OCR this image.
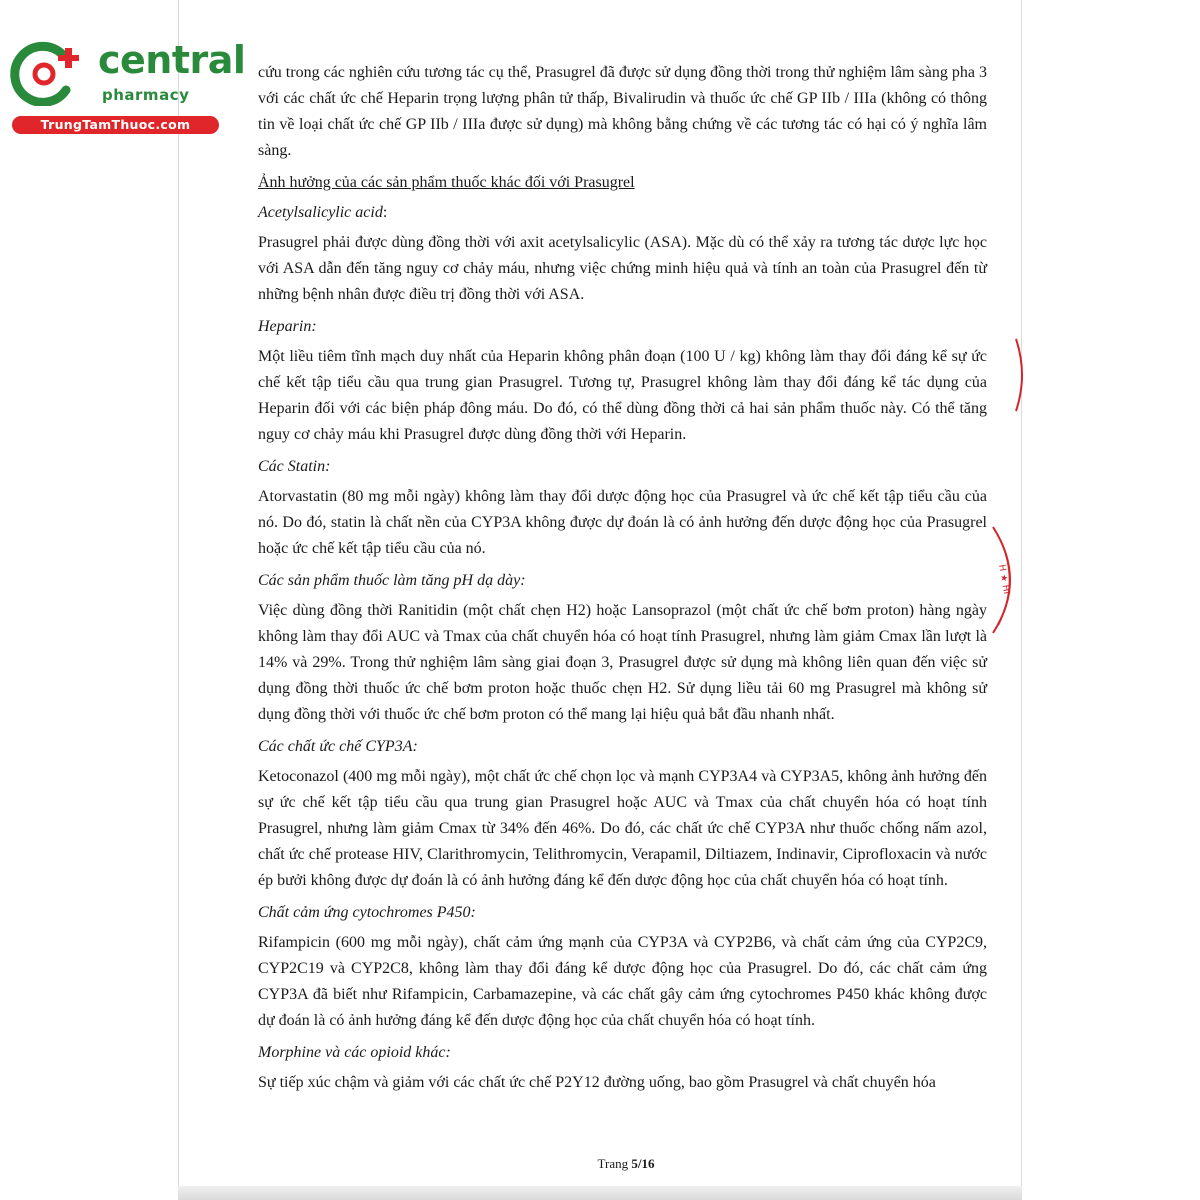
central
pharmacy
TrungTamThuoc.com

cứu trong các nghiên cứu tương tác cụ thể, Prasugrel đã được sử dụng đồng thời trong thử nghiệm lâm sàng pha 3 với các chất ức chế Heparin trọng lượng phân tử thấp, Bivalirudin và thuốc ức chế GP IIb / IIIa (không có thông tin về loại chất ức chế GP IIb / IIIa được sử dụng) mà không bằng chứng về các tương tác có hại có ý nghĩa lâm sàng.

Ảnh hưởng của các sản phẩm thuốc khác đối với Prasugrel

Acetylsalicylic acid:

Prasugrel phải được dùng đồng thời với axit acetylsalicylic (ASA). Mặc dù có thể xảy ra tương tác dược lực học với ASA dẫn đến tăng nguy cơ chảy máu, nhưng việc chứng minh hiệu quả và tính an toàn của Prasugrel đến từ những bệnh nhân được điều trị đồng thời với ASA.

Heparin:

Một liều tiêm tĩnh mạch duy nhất của Heparin không phân đoạn (100 U / kg) không làm thay đổi đáng kể sự ức chế kết tập tiểu cầu qua trung gian Prasugrel. Tương tự, Prasugrel không làm thay đổi đáng kể tác dụng của Heparin đối với các biện pháp đông máu. Do đó, có thể dùng đồng thời cả hai sản phẩm thuốc này. Có thể tăng nguy cơ chảy máu khi Prasugrel được dùng đồng thời với Heparin.

Các Statin:

Atorvastatin (80 mg mỗi ngày) không làm thay đổi dược động học của Prasugrel và ức chế kết tập tiểu cầu của nó. Do đó, statin là chất nền của CYP3A không được dự đoán là có ảnh hưởng đến dược động học của Prasugrel hoặc ức chế kết tập tiểu cầu của nó.

Các sản phẩm thuốc làm tăng pH dạ dày:

Việc dùng đồng thời Ranitidin (một chất chẹn H2) hoặc Lansoprazol (một chất ức chế bơm proton) hàng ngày không làm thay đổi AUC và Tmax của chất chuyển hóa có hoạt tính Prasugrel, nhưng làm giảm Cmax lần lượt là 14% và 29%. Trong thử nghiệm lâm sàng giai đoạn 3, Prasugrel được sử dụng mà không liên quan đến việc sử dụng đồng thời thuốc ức chế bơm proton hoặc thuốc chẹn H2. Sử dụng liều tải 60 mg Prasugrel mà không sử dụng đồng thời với thuốc ức chế bơm proton có thể mang lại hiệu quả bắt đầu nhanh nhất.

Các chất ức chế CYP3A:

Ketoconazol (400 mg mỗi ngày), một chất ức chế chọn lọc và mạnh CYP3A4 và CYP3A5, không ảnh hưởng đến sự ức chế kết tập tiểu cầu qua trung gian Prasugrel hoặc AUC và Tmax của chất chuyển hóa có hoạt tính Prasugrel, nhưng làm giảm Cmax từ 34% đến 46%. Do đó, các chất ức chế CYP3A như thuốc chống nấm azol, chất ức chế protease HIV, Clarithromycin, Telithromycin, Verapamil, Diltiazem, Indinavir, Ciprofloxacin và nước ép bưởi không được dự đoán là có ảnh hưởng đáng kể đến dược động học của chất chuyển hóa có hoạt tính.

Chất cảm ứng cytochromes P450:

Rifampicin (600 mg mỗi ngày), chất cảm ứng mạnh của CYP3A và CYP2B6, và chất cảm ứng của CYP2C9, CYP2C19 và CYP2C8, không làm thay đổi đáng kể dược động học của Prasugrel. Do đó, các chất cảm ứng CYP3A đã biết như Rifampicin, Carbamazepine, và các chất gây cảm ứng cytochromes P450 khác không được dự đoán là có ảnh hưởng đáng kể đến dược động học của chất chuyển hóa có hoạt tính.

Morphine và các opioid khác:

Sự tiếp xúc chậm và giảm với các chất ức chế P2Y12 đường uống, bao gồm Prasugrel và chất chuyển hóa

Trang 5/16
H ★ HI
